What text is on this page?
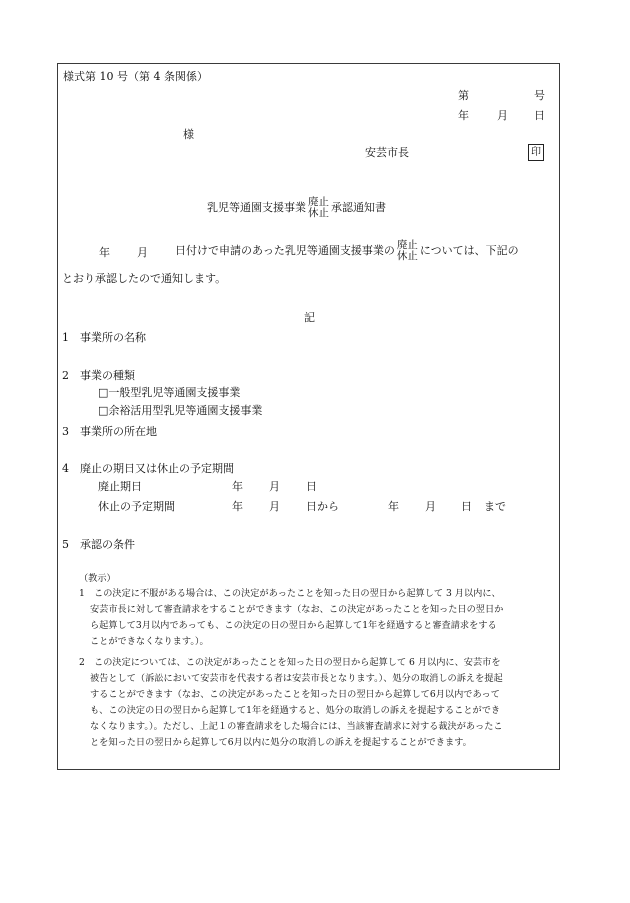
様式第 10 号（第 4 条関係）
第	号
年	月 日
様
安芸市長	印
乳児等通園支援事業 廃止
休止 承認通知書
年 月 日付けで申請のあった乳児等通園支援事業の 廃止
休止 については、下記の
とおり承認したので通知します。
記
1　事業所の名称
2　事業の種類
□一般型乳児等通園支援事業
□余裕活用型乳児等通園支援事業
3　事業所の所在地
4　廃止の期日又は休止の予定期間
廃止期日	年 月 日
休止の予定期間	年 月 日から	年 月 日 まで
5　承認の条件
（教示）
1　この決定に不服がある場合は、この決定があったことを知った日の翌日から起算して 3 月以内に、
安芸市長に対して審査請求をすることができます（なお、この決定があったことを知った日の翌日か
ら起算して3月以内であっても、この決定の日の翌日から起算して1年を経過すると審査請求をする
ことができなくなります。）。
2　この決定については、この決定があったことを知った日の翌日から起算して 6 月以内に、安芸市を
被告として（訴訟において安芸市を代表する者は安芸市長となります。）、処分の取消しの訴えを提起
することができます（なお、この決定があったことを知った日の翌日から起算して6月以内であって
も、この決定の日の翌日から起算して1年を経過すると、処分の取消しの訴えを提起することができ
なくなります。）。ただし、上記１の審査請求をした場合には、当該審査請求に対する裁決があったこ
とを知った日の翌日から起算して6月以内に処分の取消しの訴えを提起することができます。
